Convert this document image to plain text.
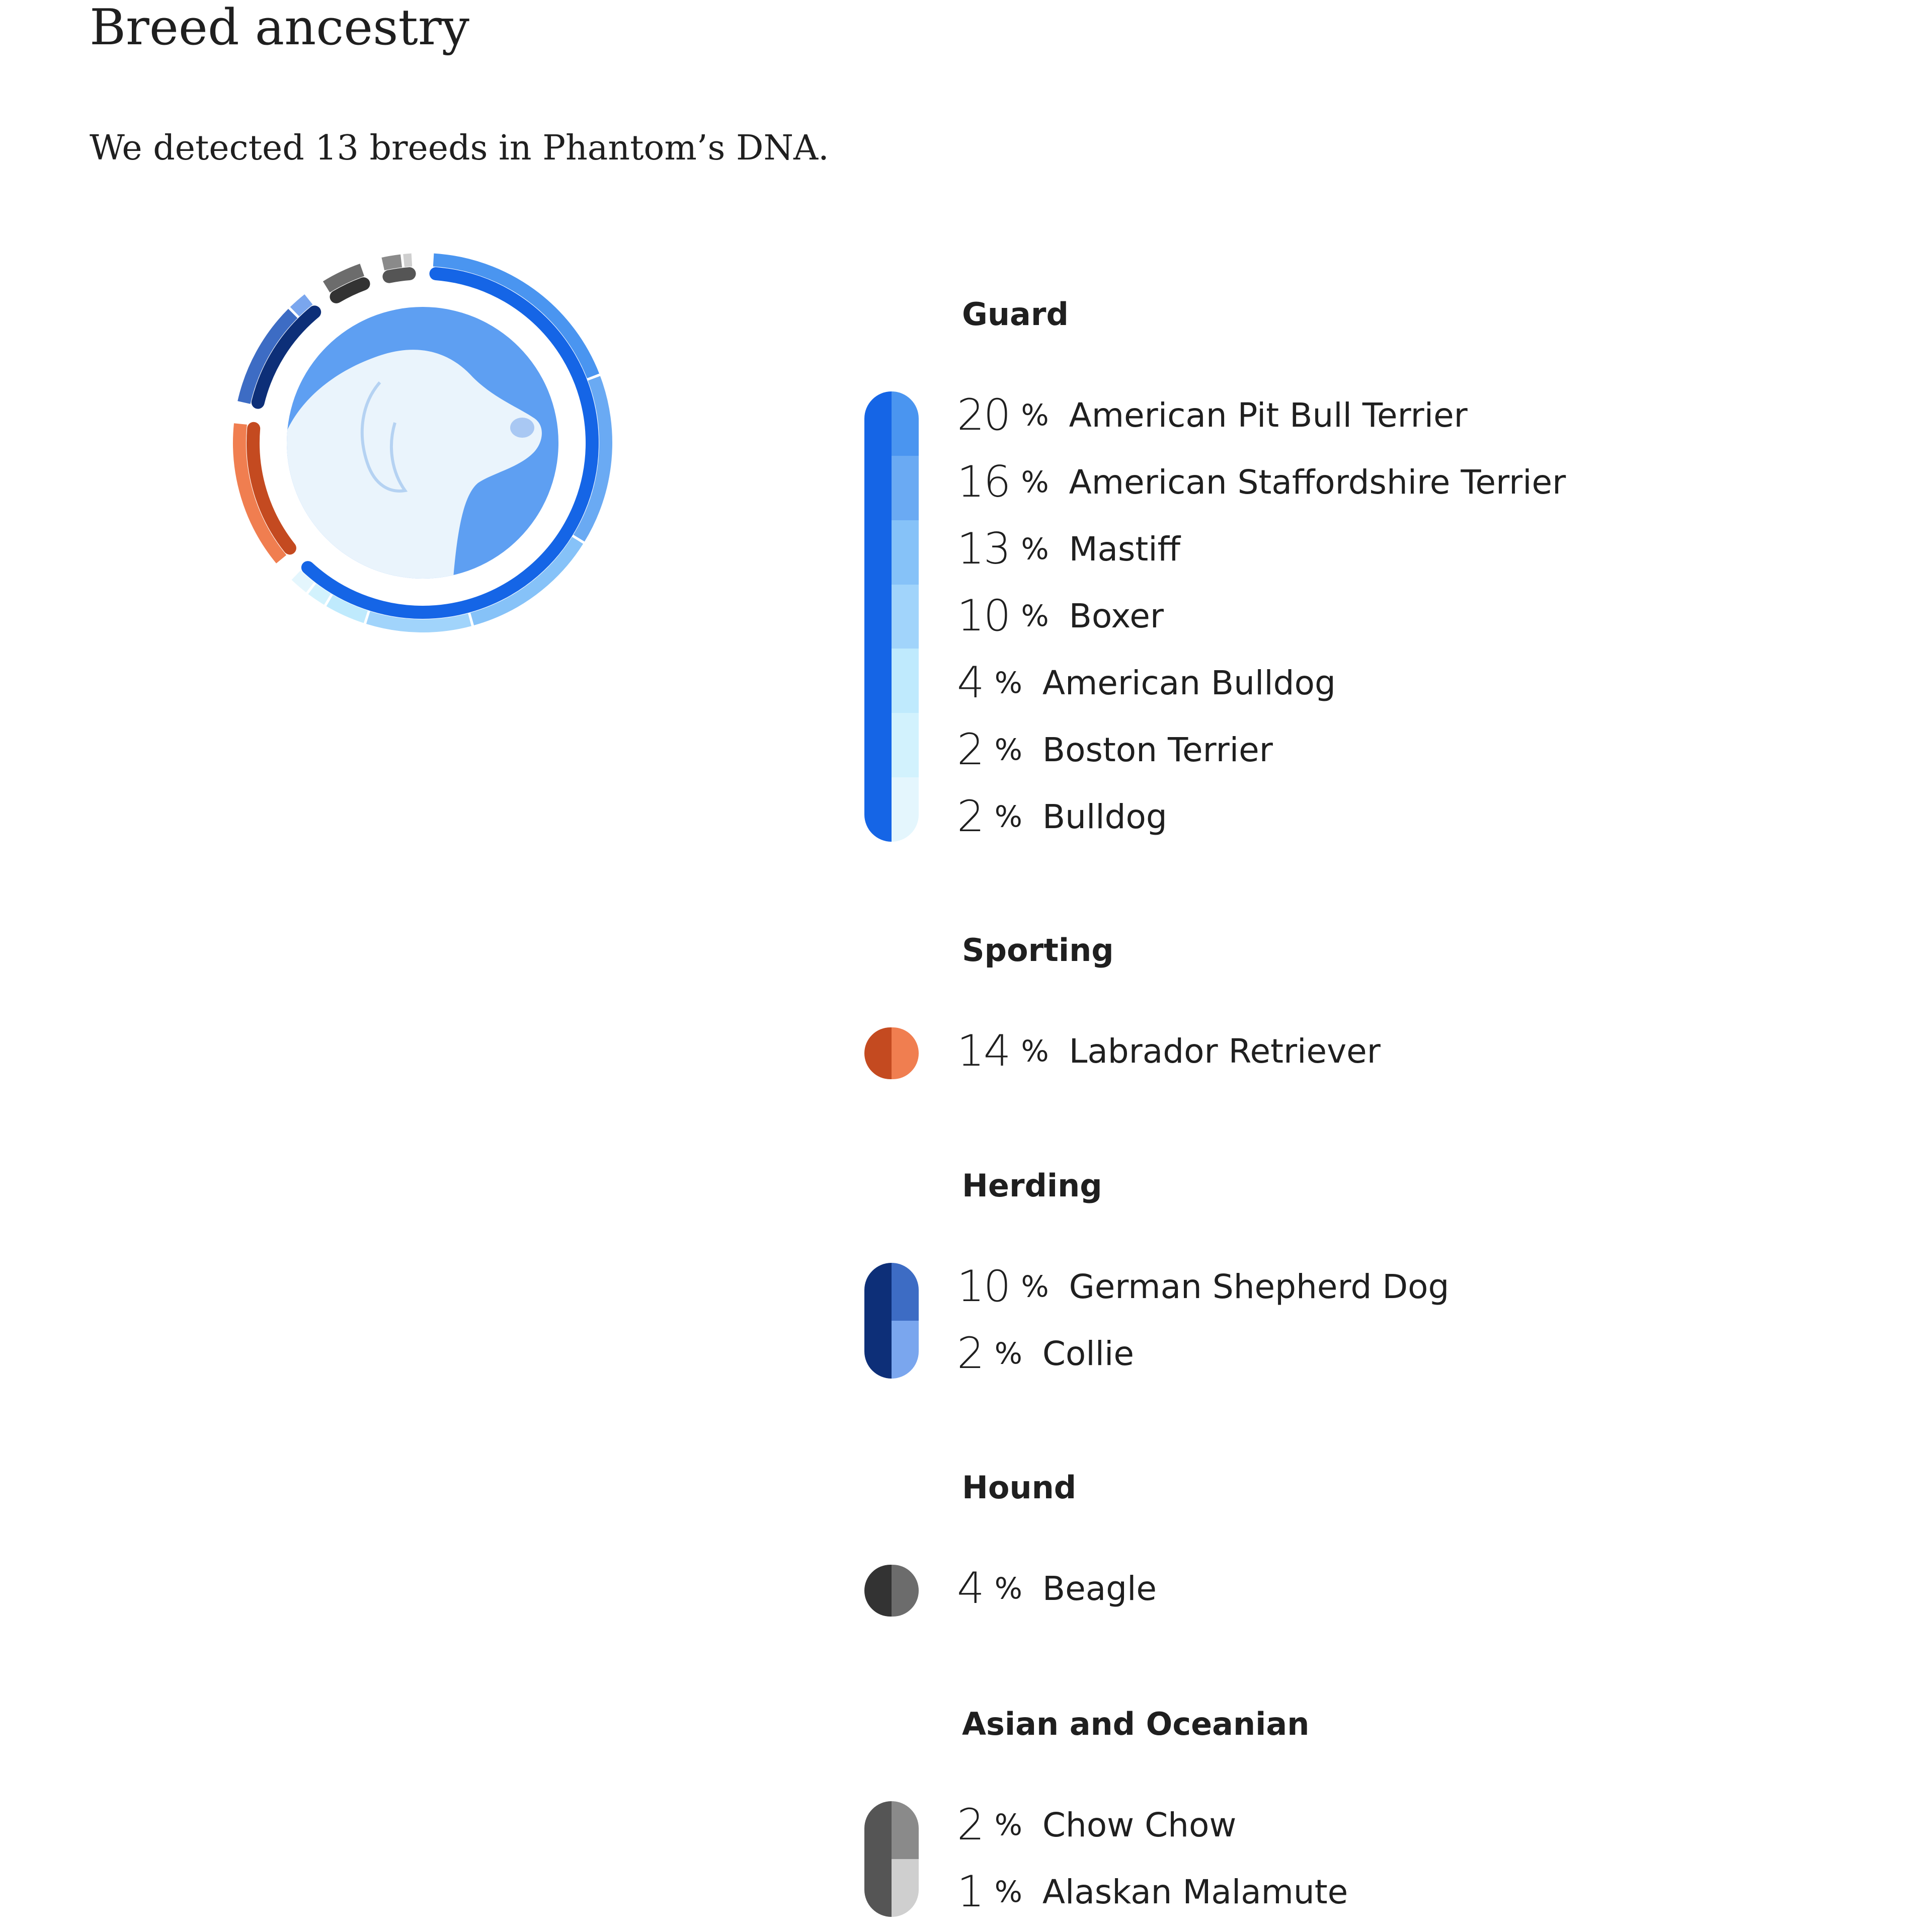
Breed ancestry
We detected 13 breeds in Phantom’s DNA.
Guard
20 % American Pit Bull Terrier
16 % American Staffordshire Terrier
13 % Mastiff
10 % Boxer
4 % American Bulldog
2 % Boston Terrier
2 % Bulldog
Sporting
14 % Labrador Retriever
Herding
10 % German Shepherd Dog
2 % Collie
Hound
4 % Beagle
Asian and Oceanian
2 % Chow Chow
1 % Alaskan Malamute
